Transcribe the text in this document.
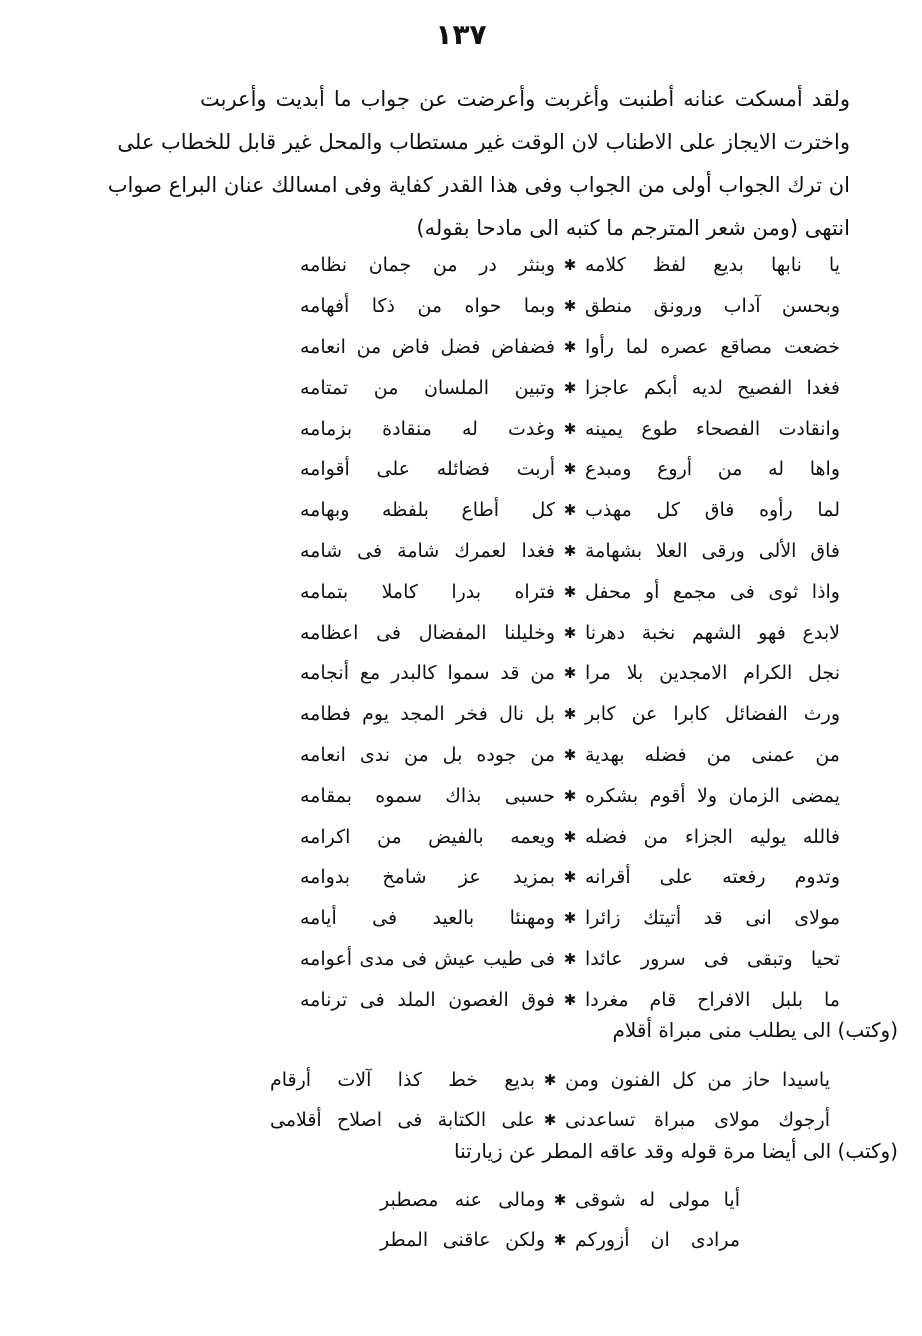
١٣٧
ولقد أمسكت عنانه أطنبت وأغربت وأعرضت عن جواب ما أبديت وأعربت
واخترت الايجاز على الاطناب لان الوقت غير مستطاب والمحل غير قابل للخطاب على
ان ترك الجواب أولى من الجواب وفى هذا القدر كفاية وفى امسالك عنان البراع صواب
انتهى (ومن شعر المترجم ما كتبه الى مادحا بقوله)
يا نابها بديع لفظ كلامه
✱
وبنثر در من جمان نظامه
وبحسن آداب ورونق منطق
✱
وبما حواه من ذكا أفهامه
خضعت مصاقع عصره لما رأوا
✱
فضفاض فضل فاض من انعامه
فغدا الفصيح لديه أبكم عاجزا
✱
وتبين الملسان من تمتامه
وانقادت الفصحاء طوع يمينه
✱
وغدت له منقادة بزمامه
واها له من أروع ومبدع
✱
أربت فضائله على أقوامه
لما رأوه فاق كل مهذب
✱
كل أطاع بلفظه وبهامه
فاق الألى ورقى العلا بشهامة
✱
فغدا لعمرك شامة فى شامه
واذا ثوى فى مجمع أو محفل
✱
فتراه بدرا كاملا بتمامه
لابدع فهو الشهم نخبة دهرنا
✱
وخليلنا المفضال فى اعظامه
نجل الكرام الامجدين بلا مرا
✱
من قد سموا كالبدر مع أنجامه
ورث الفضائل كابرا عن كابر
✱
بل نال فخر المجد يوم فطامه
من عمنى من فضله بهدية
✱
من جوده بل من ندى انعامه
يمضى الزمان ولا أقوم بشكره
✱
حسبى بذاك سموه بمقامه
فالله يوليه الجزاء من فضله
✱
ويعمه بالفيض من اكرامه
وتدوم رفعته على أقرانه
✱
بمزيد عز شامخ بدوامه
مولاى انى قد أتيتك زائرا
✱
ومهنئا بالعيد فى أيامه
تحيا وتبقى فى سرور عائدا
✱
فى طيب عيش فى مدى أعوامه
ما بلبل الافراح قام مغردا
✱
فوق الغصون الملد فى ترنامه
(وكتب) الى يطلب منى مبراة أقلام
ياسيدا حاز من كل الفنون ومن
✱
بديع خط كذا آلات أرقام
أرجوك مولاى مبراة تساعدنى
✱
على الكتابة فى اصلاح أقلامى
(وكتب) الى أيضا مرة قوله وقد عاقه المطر عن زيارتنا
أيا مولى له شوقى
✱
ومالى عنه مصطبر
مرادى ان أزوركم
✱
ولكن عاقنى المطر
